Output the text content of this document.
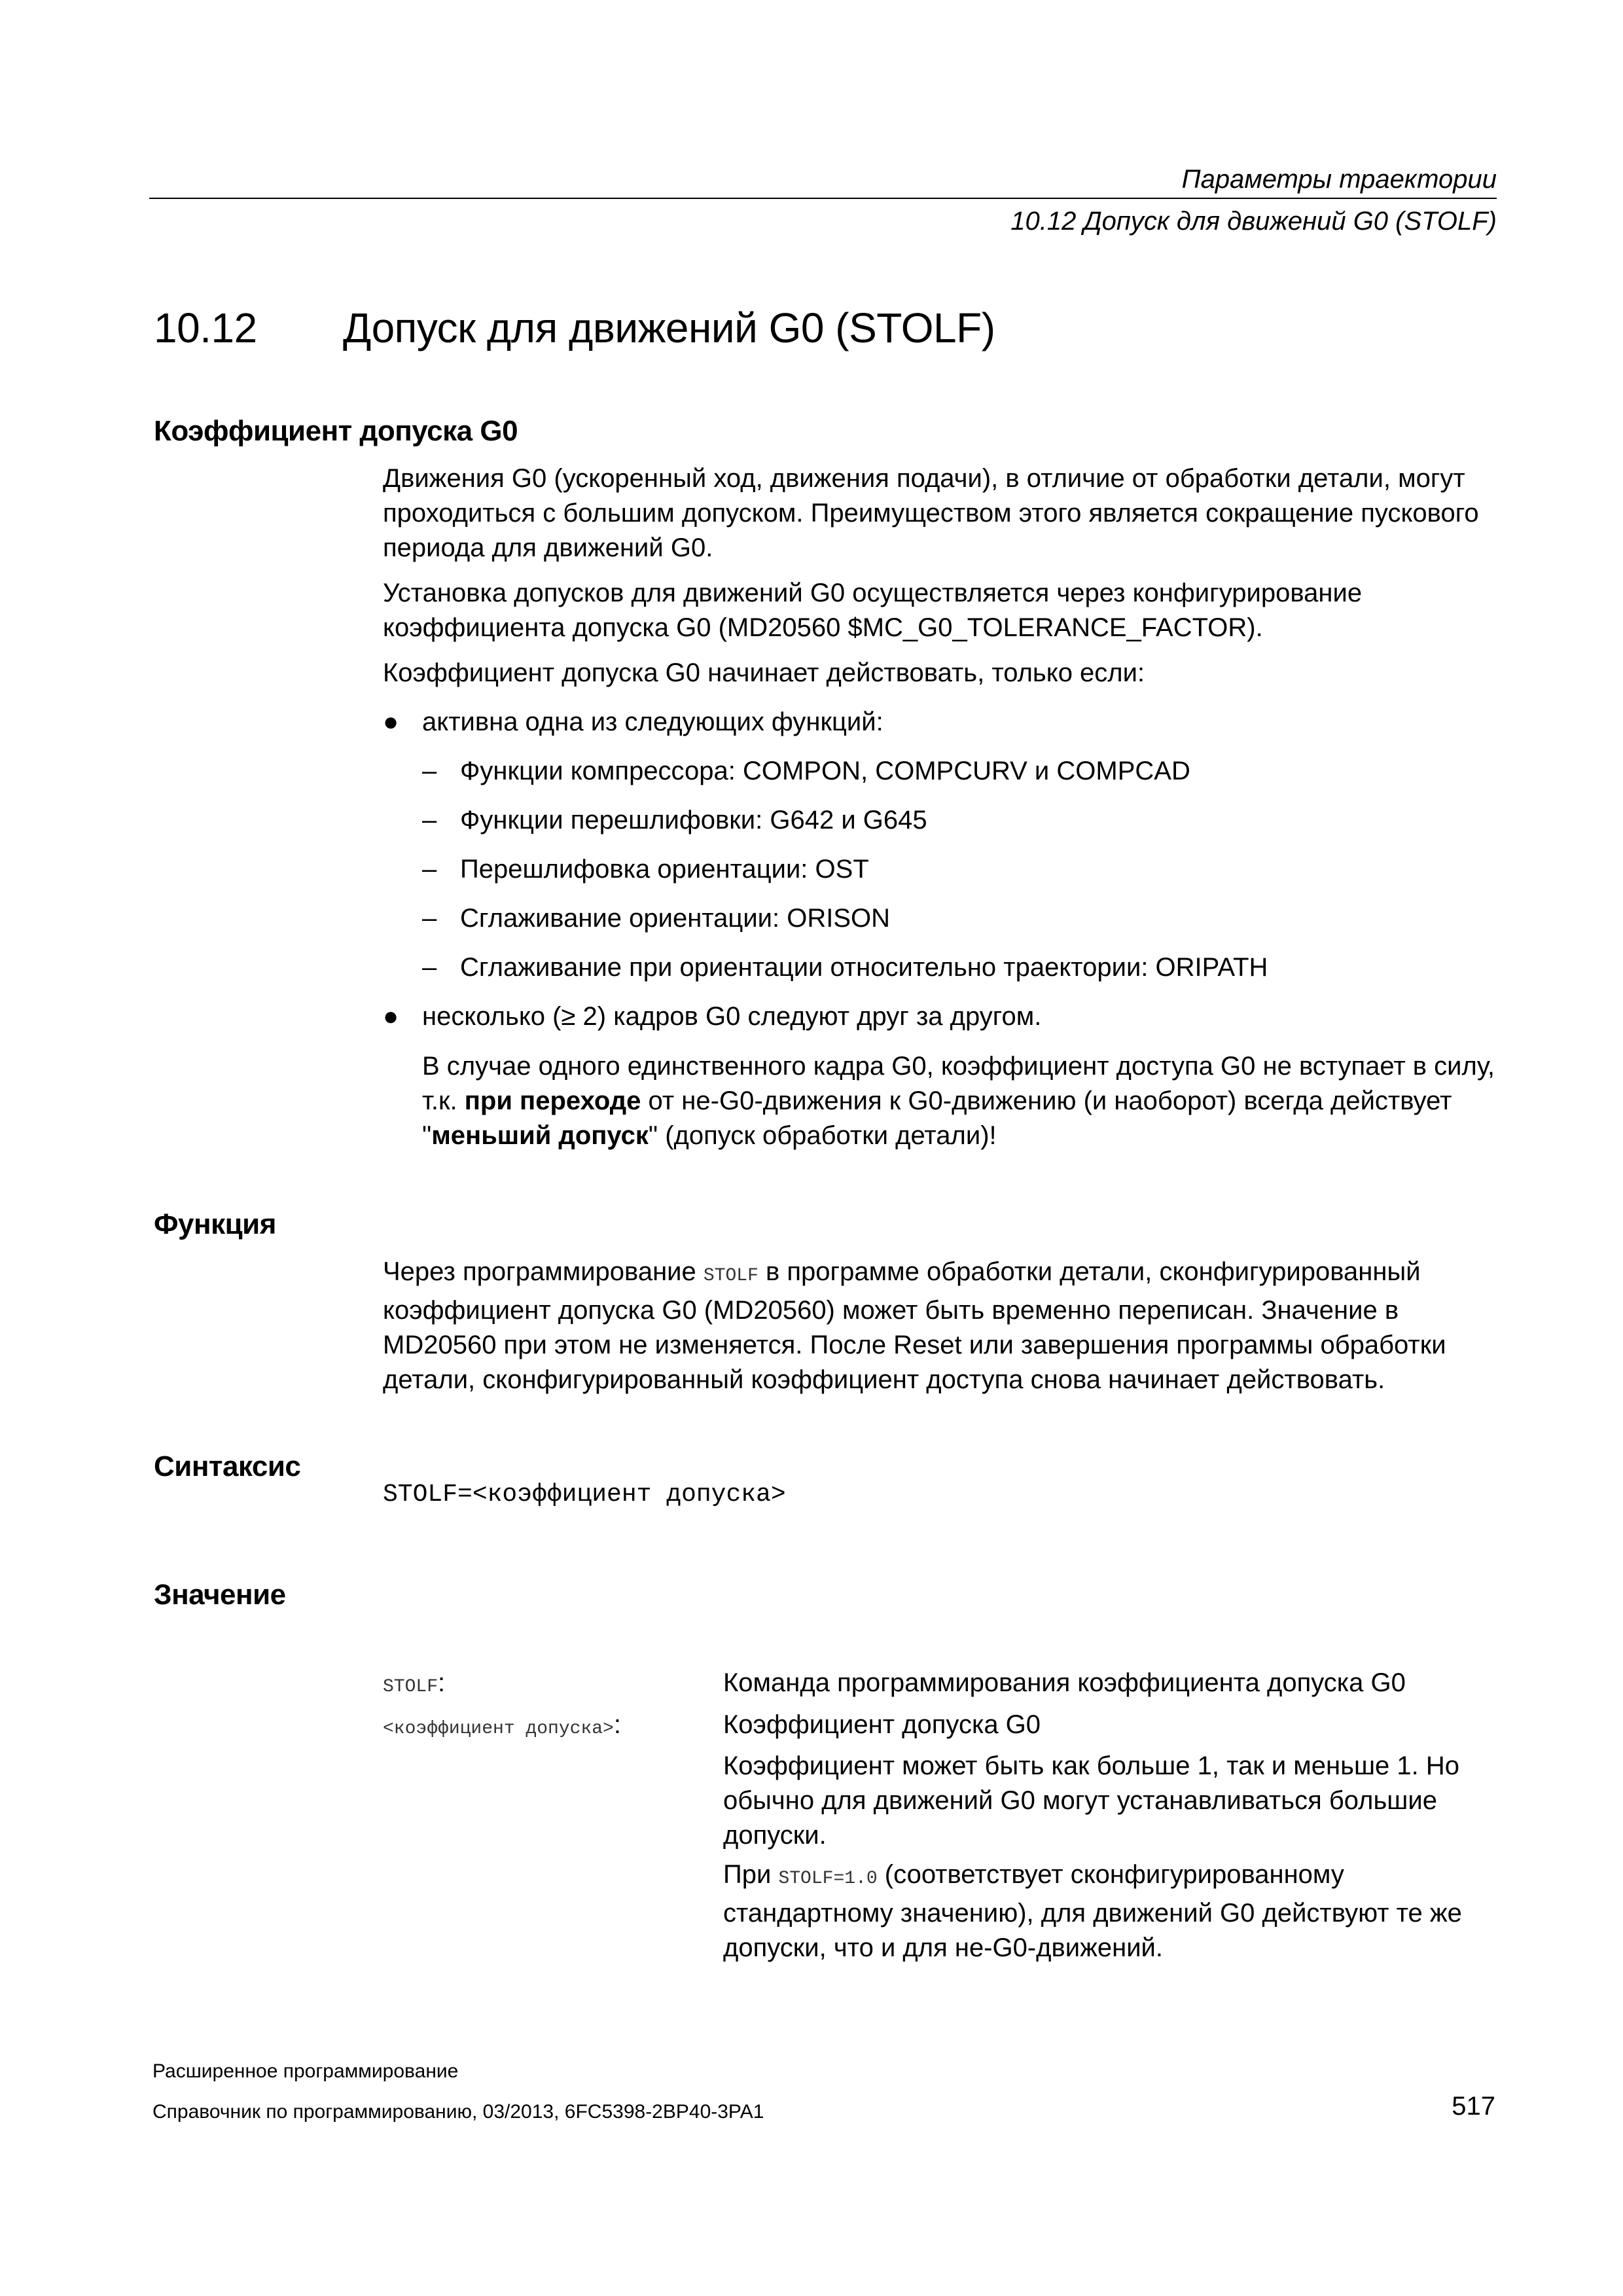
Параметры траектории
10.12 Допуск для движений G0 (STOLF)
10.12 Допуск для движений G0 (STOLF)
Коэффициент допуска G0
Движения G0 (ускоренный ход, движения подачи), в отличие от обработки детали, могут проходиться с большим допуском. Преимуществом этого является сокращение пускового периода для движений G0.
Установка допусков для движений G0 осуществляется через конфигурирование коэффициента допуска G0 (MD20560 $MC_G0_TOLERANCE_FACTOR).
Коэффициент допуска G0 начинает действовать, только если:
● активна одна из следующих функций:
– Функции компрессора: COMPON, COMPCURV и COMPCAD
– Функции перешлифовки: G642 и G645
– Перешлифовка ориентации: OST
– Сглаживание ориентации: ORISON
– Сглаживание при ориентации относительно траектории: ORIPATH
● несколько (≥ 2) кадров G0 следуют друг за другом.
В случае одного единственного кадра G0, коэффициент доступа G0 не вступает в силу, т.к. при переходе от не-G0-движения к G0-движению (и наоборот) всегда действует "меньший допуск" (допуск обработки детали)!
Функция
Через программирование STOLF в программе обработки детали, сконфигурированный коэффициент допуска G0 (MD20560) может быть временно переписан. Значение в MD20560 при этом не изменяется. После Reset или завершения программы обработки детали, сконфигурированный коэффициент доступа снова начинает действовать.
Синтаксис
STOLF=<коэффициент допуска>
Значение
STOLF:	Команда программирования коэффициента допуска G0
<коэффициент допуска>:	Коэффициент допуска G0
Коэффициент может быть как больше 1, так и меньше 1. Но обычно для движений G0 могут устанавливаться большие допуски.
При STOLF=1.0 (соответствует сконфигурированному стандартному значению), для движений G0 действуют те же допуски, что и для не-G0-движений.
Расширенное программирование
Справочник по программированию, 03/2013, 6FC5398-2BP40-3PA1	517
